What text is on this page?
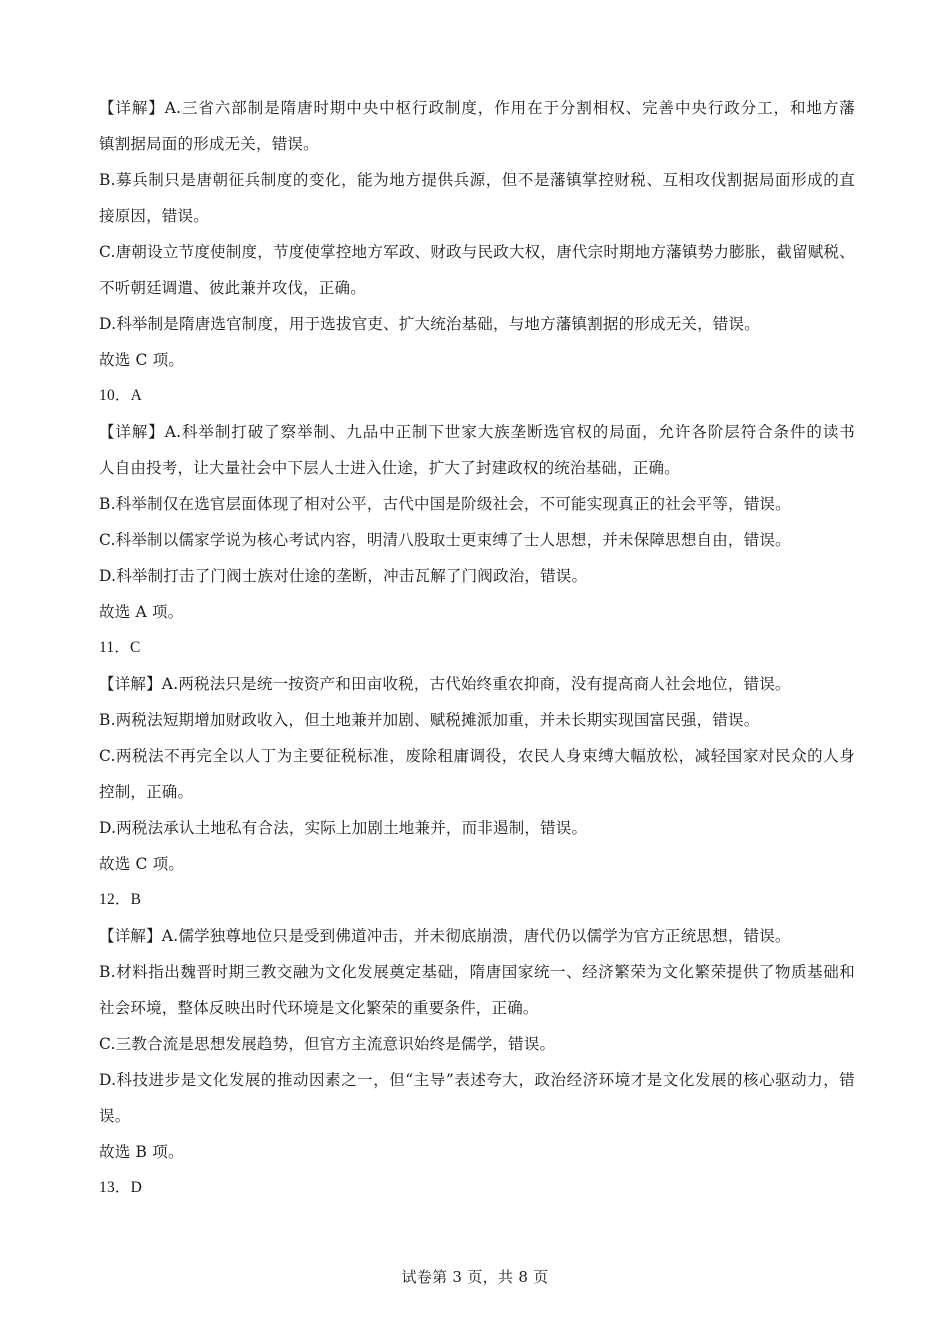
【详解】A.三省六部制是隋唐时期中央中枢行政制度，作用在于分割相权、完善中央行政分工，和地方藩
镇割据局面的形成无关，错误。
B.募兵制只是唐朝征兵制度的变化，能为地方提供兵源，但不是藩镇掌控财税、互相攻伐割据局面形成的直
接原因，错误。
C.唐朝设立节度使制度，节度使掌控地方军政、财政与民政大权，唐代宗时期地方藩镇势力膨胀，截留赋税、
不听朝廷调遣、彼此兼并攻伐，正确。
D.科举制是隋唐选官制度，用于选拔官吏、扩大统治基础，与地方藩镇割据的形成无关，错误。
故选 C 项。
10．A
【详解】A.科举制打破了察举制、九品中正制下世家大族垄断选官权的局面，允许各阶层符合条件的读书
人自由投考，让大量社会中下层人士进入仕途，扩大了封建政权的统治基础，正确。
B.科举制仅在选官层面体现了相对公平，古代中国是阶级社会，不可能实现真正的社会平等，错误。
C.科举制以儒家学说为核心考试内容，明清八股取士更束缚了士人思想，并未保障思想自由，错误。
D.科举制打击了门阀士族对仕途的垄断，冲击瓦解了门阀政治，错误。
故选 A 项。
11．C
【详解】A.两税法只是统一按资产和田亩收税，古代始终重农抑商，没有提高商人社会地位，错误。
B.两税法短期增加财政收入，但土地兼并加剧、赋税摊派加重，并未长期实现国富民强，错误。
C.两税法不再完全以人丁为主要征税标准，废除租庸调役，农民人身束缚大幅放松，减轻国家对民众的人身
控制，正确。
D.两税法承认土地私有合法，实际上加剧土地兼并，而非遏制，错误。
故选 C 项。
12．B
【详解】A.儒学独尊地位只是受到佛道冲击，并未彻底崩溃，唐代仍以儒学为官方正统思想，错误。
B.材料指出魏晋时期三教交融为文化发展奠定基础，隋唐国家统一、经济繁荣为文化繁荣提供了物质基础和
社会环境，整体反映出时代环境是文化繁荣的重要条件，正确。
C.三教合流是思想发展趋势，但官方主流意识始终是儒学，错误。
D.科技进步是文化发展的推动因素之一，但“主导”表述夸大，政治经济环境才是文化发展的核心驱动力，错
误。
故选 B 项。
13．D
试卷第 3 页，共 8 页
